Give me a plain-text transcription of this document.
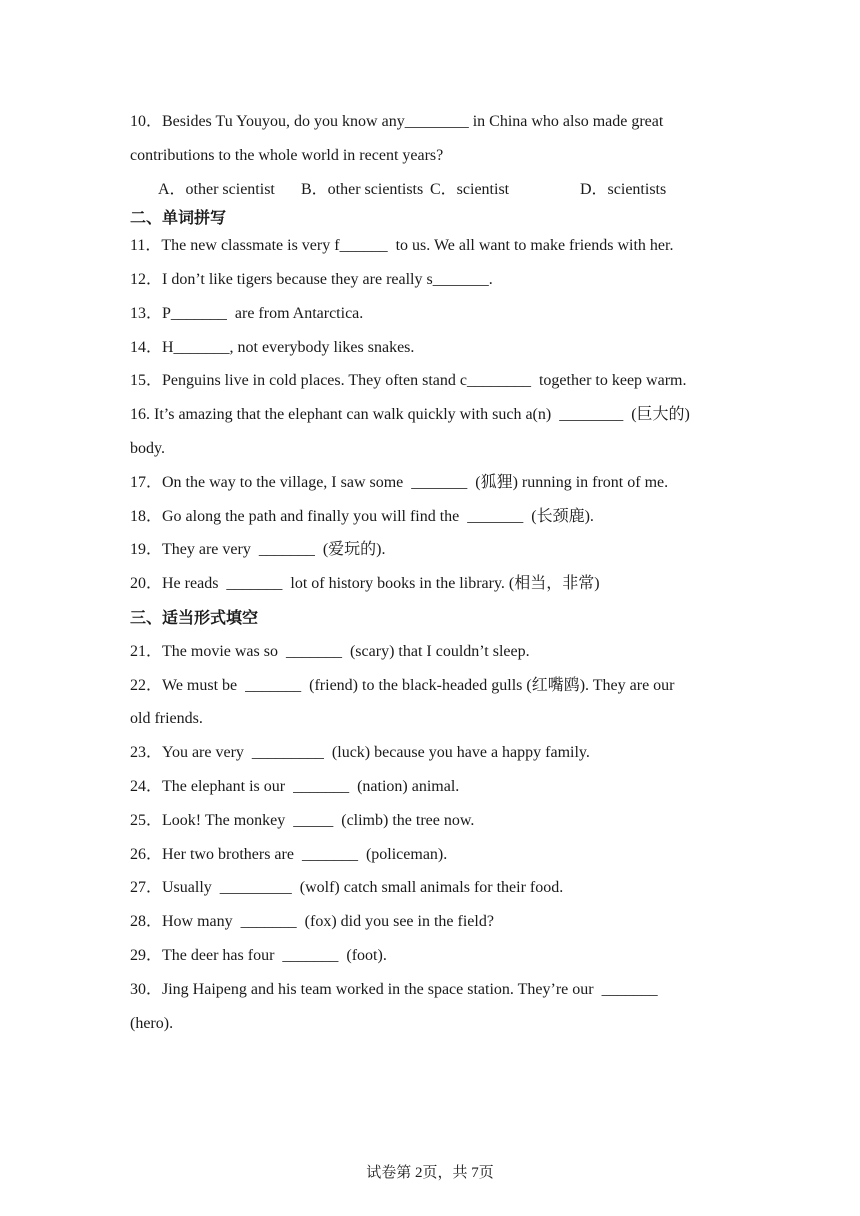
10．Besides Tu Youyou, do you know any________ in China who also made great
contributions to the whole world in recent years?

A．other scientist

B．other scientists

C．scientist

	D．scientists

二、单词拼写
11．The new classmate is very f______  to us. We all want to make friends with her.
12．I don’t like tigers because they are really s_______.
13．P_______  are from Antarctica.
14．H_______, not everybody likes snakes.
15．Penguins live in cold places. They often stand c________  together to keep warm.
16. It’s amazing that the elephant can walk quickly with such a(n)  ________  (巨大的)
body.
17．On the way to the village, I saw some  _______  (狐狸) running in front of me.
18．Go along the path and finally you will find the  _______  (长颈鹿).
19．They are very  _______  (爱玩的).
20．He reads  _______  lot of history books in the library. (相当，非常)
三、适当形式填空
21．The movie was so  _______  (scary) that I couldn’t sleep.
22．We must be  _______  (friend) to the black-headed gulls (红嘴鸥). They are our
old friends.
23．You are very  _________  (luck) because you have a happy family.
24．The elephant is our  _______  (nation) animal.
25．Look! The monkey  _____  (climb) the tree now.
26．Her two brothers are  _______  (policeman).
27．Usually  _________  (wolf) catch small animals for their food.
28．How many  _______  (fox) did you see in the field?
29．The deer has four  _______  (foot).
30．Jing Haipeng and his team worked in the space station. They’re our  _______
(hero).
试卷第 2页，共 7页
